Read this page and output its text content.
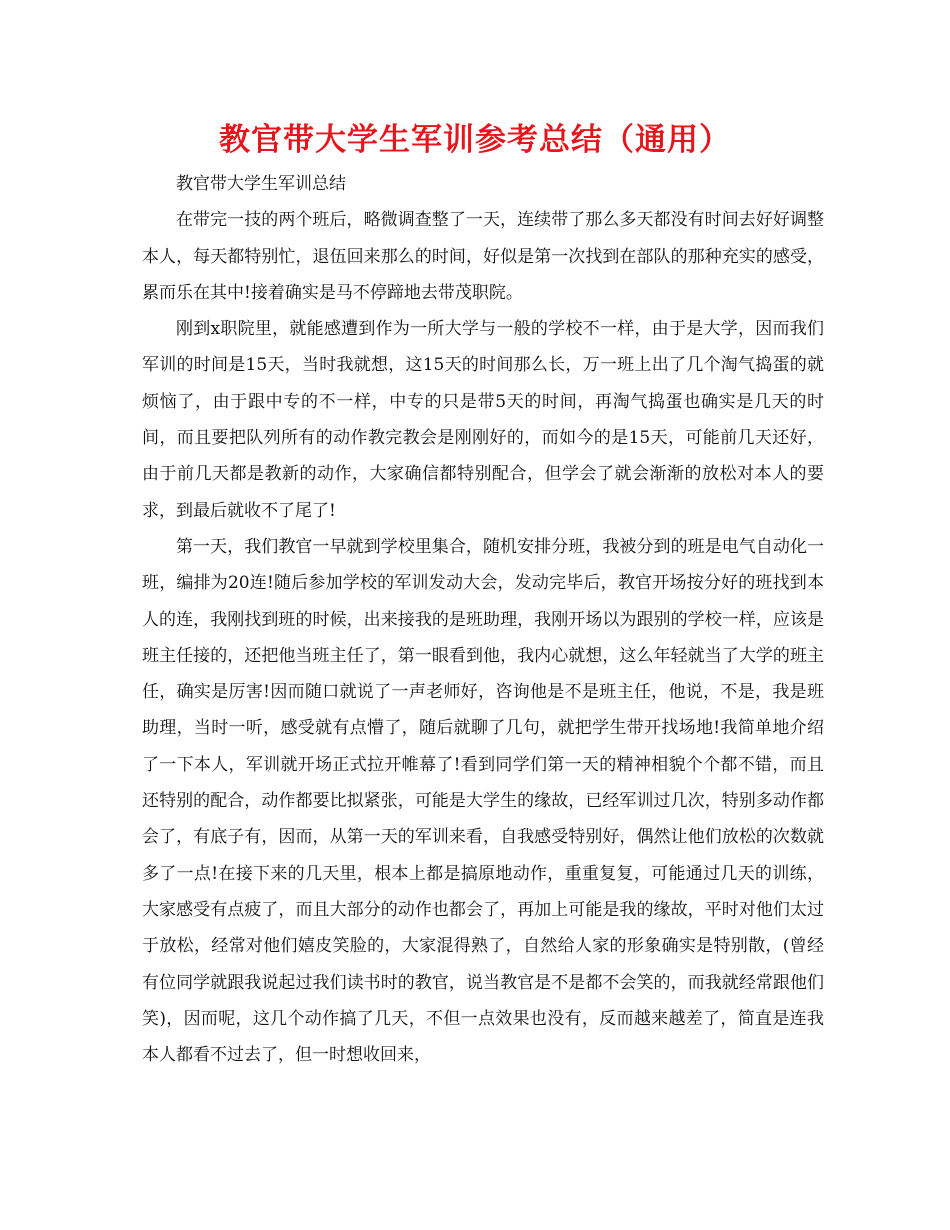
教官带大学生军训参考总结（通用）

教官带大学生军训总结

在带完一技的两个班后，略微调查整了一天，连续带了那么多天都没有时间去好好调整本人，每天都特别忙，退伍回来那么的时间，好似是第一次找到在部队的那种充实的感受，累而乐在其中!接着确实是马不停蹄地去带茂职院。

刚到x职院里，就能感遭到作为一所大学与一般的学校不一样，由于是大学，因而我们军训的时间是15天，当时我就想，这15天的时间那么长，万一班上出了几个淘气捣蛋的就烦恼了，由于跟中专的不一样，中专的只是带5天的时间，再淘气捣蛋也确实是几天的时间，而且要把队列所有的动作教完教会是刚刚好的，而如今的是15天，可能前几天还好，由于前几天都是教新的动作，大家确信都特别配合，但学会了就会渐渐的放松对本人的要求，到最后就收不了尾了!

第一天，我们教官一早就到学校里集合，随机安排分班，我被分到的班是电气自动化一班，编排为20连!随后参加学校的军训发动大会，发动完毕后，教官开场按分好的班找到本人的连，我刚找到班的时候，出来接我的是班助理，我刚开场以为跟别的学校一样，应该是班主任接的，还把他当班主任了，第一眼看到他，我内心就想，这么年轻就当了大学的班主任，确实是厉害!因而随口就说了一声老师好，咨询他是不是班主任，他说，不是，我是班助理，当时一听，感受就有点懵了，随后就聊了几句，就把学生带开找场地!我简单地介绍了一下本人，军训就开场正式拉开帷幕了!看到同学们第一天的精神相貌个个都不错，而且还特别的配合，动作都要比拟紧张，可能是大学生的缘故，已经军训过几次，特别多动作都会了，有底子有，因而，从第一天的军训来看，自我感受特别好，偶然让他们放松的次数就多了一点!在接下来的几天里，根本上都是搞原地动作，重重复复，可能通过几天的训练，大家感受有点疲了，而且大部分的动作也都会了，再加上可能是我的缘故，平时对他们太过于放松，经常对他们嬉皮笑脸的，大家混得熟了，自然给人家的形象确实是特别散，(曾经有位同学就跟我说起过我们读书时的教官，说当教官是不是都不会笑的，而我就经常跟他们笑)，因而呢，这几个动作搞了几天，不但一点效果也没有，反而越来越差了，简直是连我本人都看不过去了，但一时想收回来，
